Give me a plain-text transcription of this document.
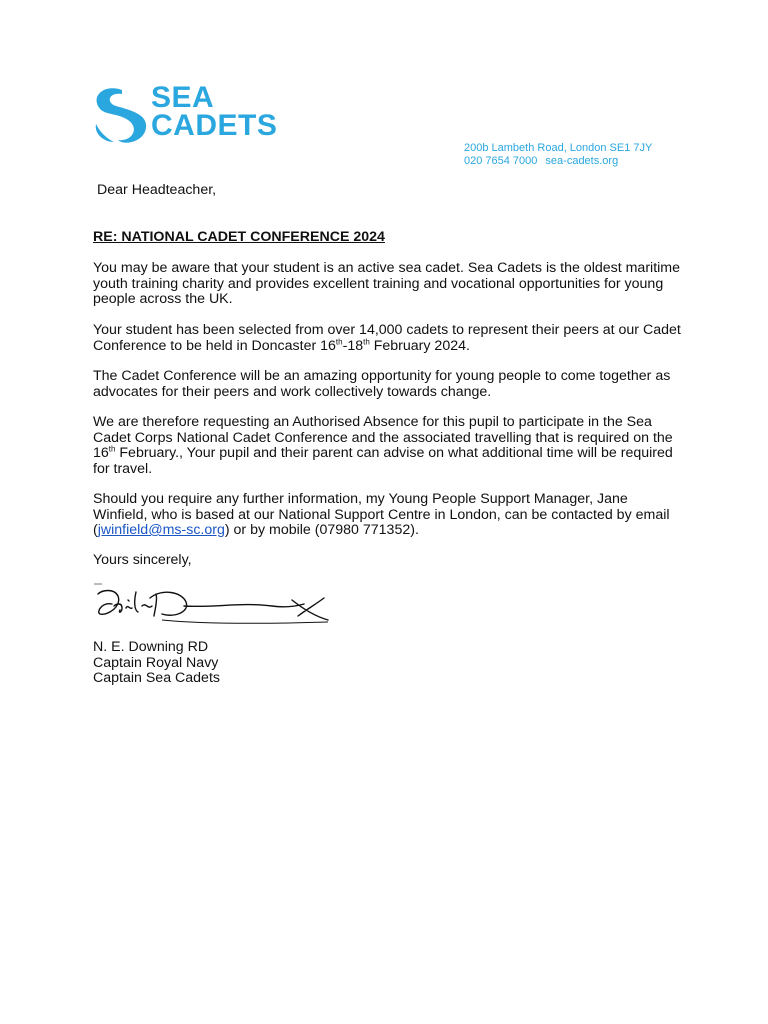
SEA
CADETS
200b Lambeth Road, London SE1 7JY
020 7654 7000 sea-cadets.org
Dear Headteacher,
RE: NATIONAL CADET CONFERENCE 2024
You may be aware that your student is an active sea cadet. Sea Cadets is the oldest maritime youth training charity and provides excellent training and vocational opportunities for young people across the UK.
Your student has been selected from over 14,000 cadets to represent their peers at our Cadet Conference to be held in Doncaster 16th-18th February 2024.
The Cadet Conference will be an amazing opportunity for young people to come together as advocates for their peers and work collectively towards change.
We are therefore requesting an Authorised Absence for this pupil to participate in the Sea Cadet Corps National Cadet Conference and the associated travelling that is required on the 16th February., Your pupil and their parent can advise on what additional time will be required for travel.
Should you require any further information, my Young People Support Manager, Jane Winfield, who is based at our National Support Centre in London, can be contacted by email (jwinfield@ms-sc.org) or by mobile (07980 771352).
Yours sincerely,
N. E. Downing RD
Captain Royal Navy
Captain Sea Cadets
